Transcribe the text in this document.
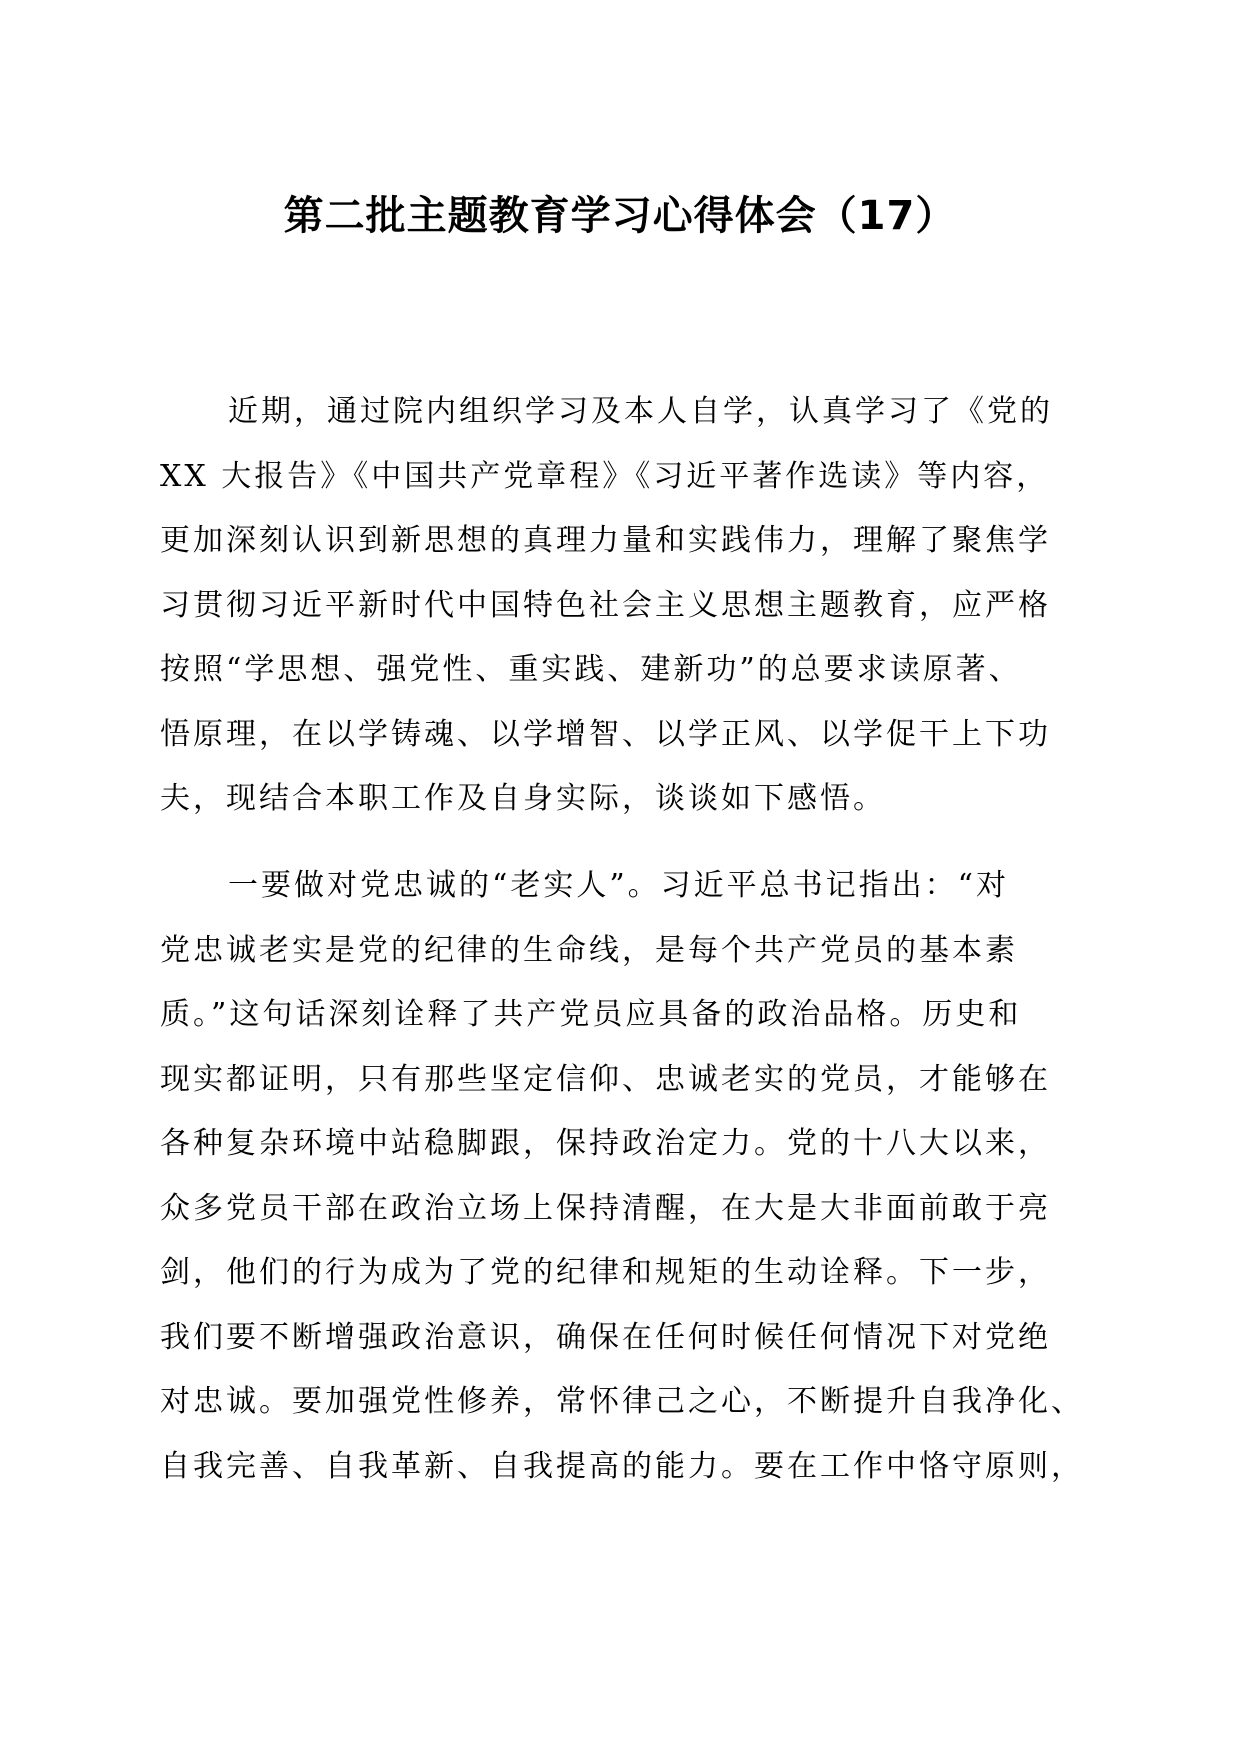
第二批主题教育学习心得体会（17）
近期，通过院内组织学习及本人自学，认真学习了《党的
XX 大报告》《中国共产党章程》《习近平著作选读》等内容，
更加深刻认识到新思想的真理力量和实践伟力，理解了聚焦学
习贯彻习近平新时代中国特色社会主义思想主题教育，应严格
按照“学思想、强党性、重实践、建新功”的总要求读原著、
悟原理，在以学铸魂、以学增智、以学正风、以学促干上下功
夫，现结合本职工作及自身实际，谈谈如下感悟。
一要做对党忠诚的“老实人”。习近平总书记指出：“对
党忠诚老实是党的纪律的生命线，是每个共产党员的基本素
质。”这句话深刻诠释了共产党员应具备的政治品格。历史和
现实都证明，只有那些坚定信仰、忠诚老实的党员，才能够在
各种复杂环境中站稳脚跟，保持政治定力。党的十八大以来，
众多党员干部在政治立场上保持清醒，在大是大非面前敢于亮
剑，他们的行为成为了党的纪律和规矩的生动诠释。下一步，
我们要不断增强政治意识，确保在任何时候任何情况下对党绝
对忠诚。要加强党性修养，常怀律己之心，不断提升自我净化、
自我完善、自我革新、自我提高的能力。要在工作中恪守原则，
